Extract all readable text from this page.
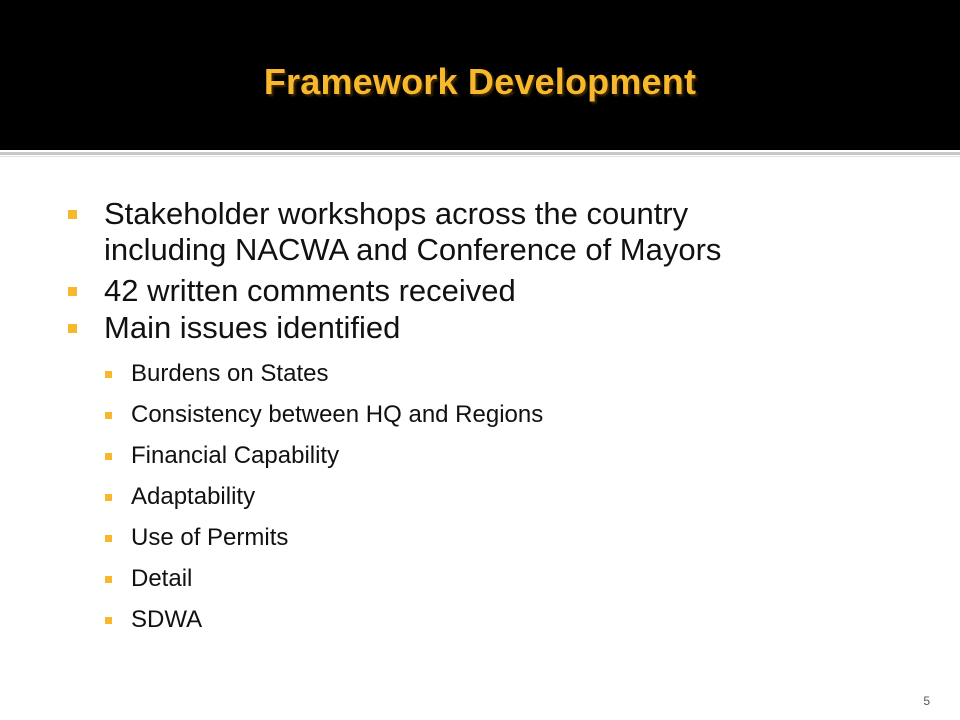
Framework Development
Stakeholder workshops across the country
including NACWA and Conference of Mayors
42 written comments received
Main issues identified
Burdens on States
Consistency between HQ and Regions
Financial Capability
Adaptability
Use of Permits
Detail
SDWA
5
